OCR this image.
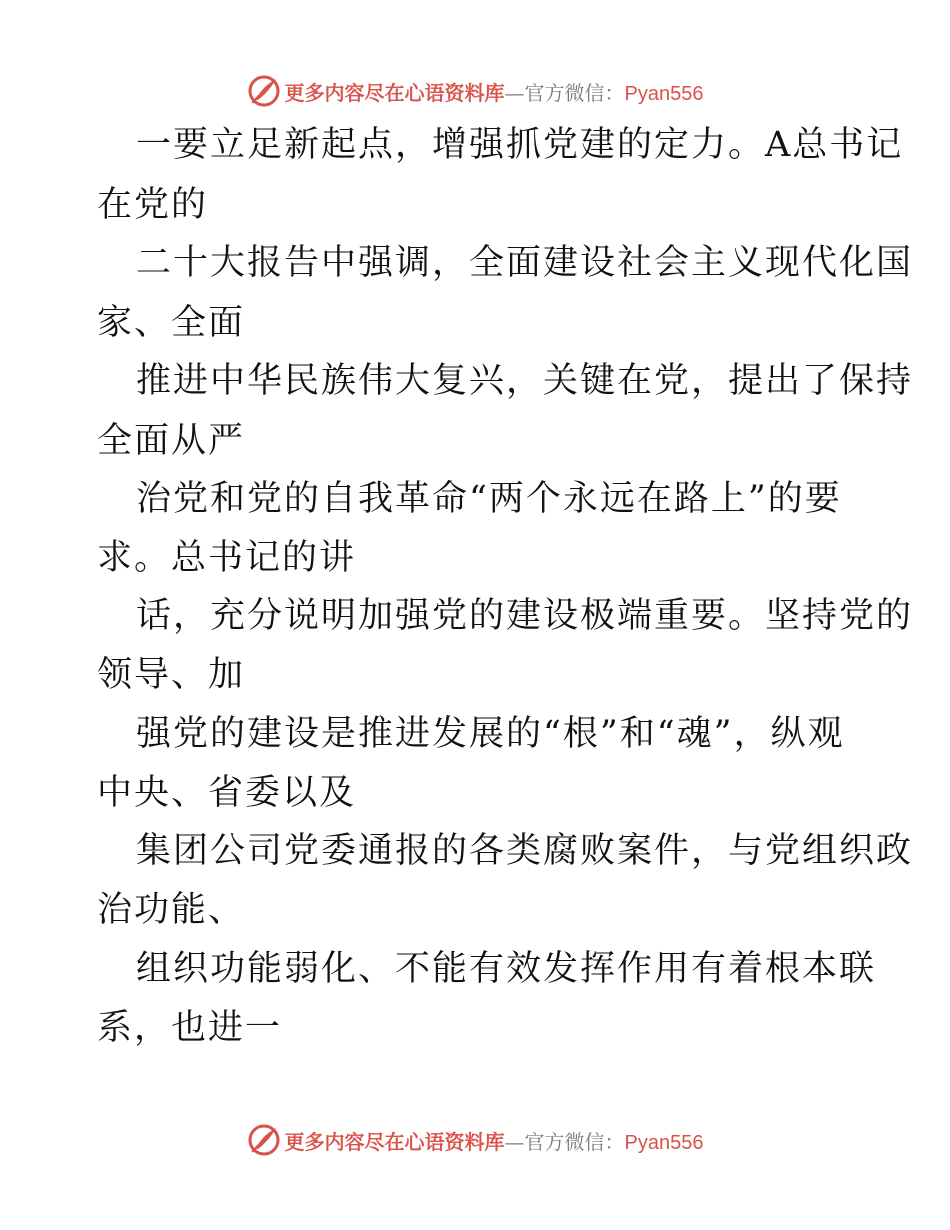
更多内容尽在心语资料库—官方微信：Pyan556
一要立足新起点，增强抓党建的定力。A总书记
在党的
二十大报告中强调，全面建设社会主义现代化国
家、全面
推进中华民族伟大复兴，关键在党，提出了保持
全面从严
治党和党的自我革命“两个永远在路上”的要
求。总书记的讲
话，充分说明加强党的建设极端重要。坚持党的
领导、加
强党的建设是推进发展的“根”和“魂”，纵观
中央、省委以及
集团公司党委通报的各类腐败案件，与党组织政
治功能、
组织功能弱化、不能有效发挥作用有着根本联
系，也进一
更多内容尽在心语资料库—官方微信：Pyan556
